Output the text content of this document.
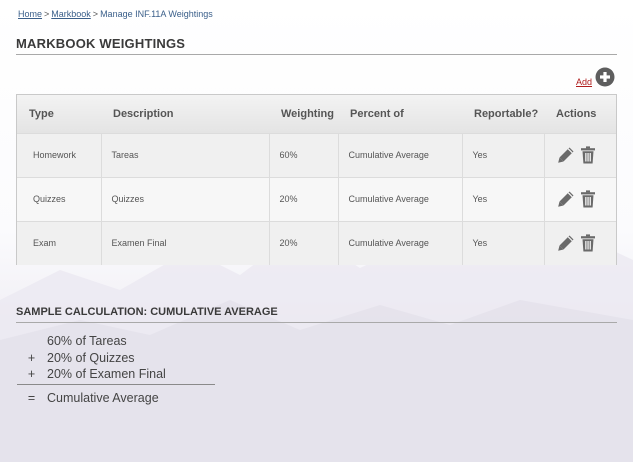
Home > Markbook > Manage INF.11A Weightings
MARKBOOK WEIGHTINGS
Add
Type	Description	Weighting	Percent of	Reportable?	Actions
Homework	Tareas	60%	Cumulative Average	Yes	
Quizzes	Quizzes	20%	Cumulative Average	Yes	
Exam	Examen Final	20%	Cumulative Average	Yes	
SAMPLE CALCULATION: CUMULATIVE AVERAGE
60% of Tareas
+ 20% of Quizzes
+ 20% of Examen Final
= Cumulative Average
